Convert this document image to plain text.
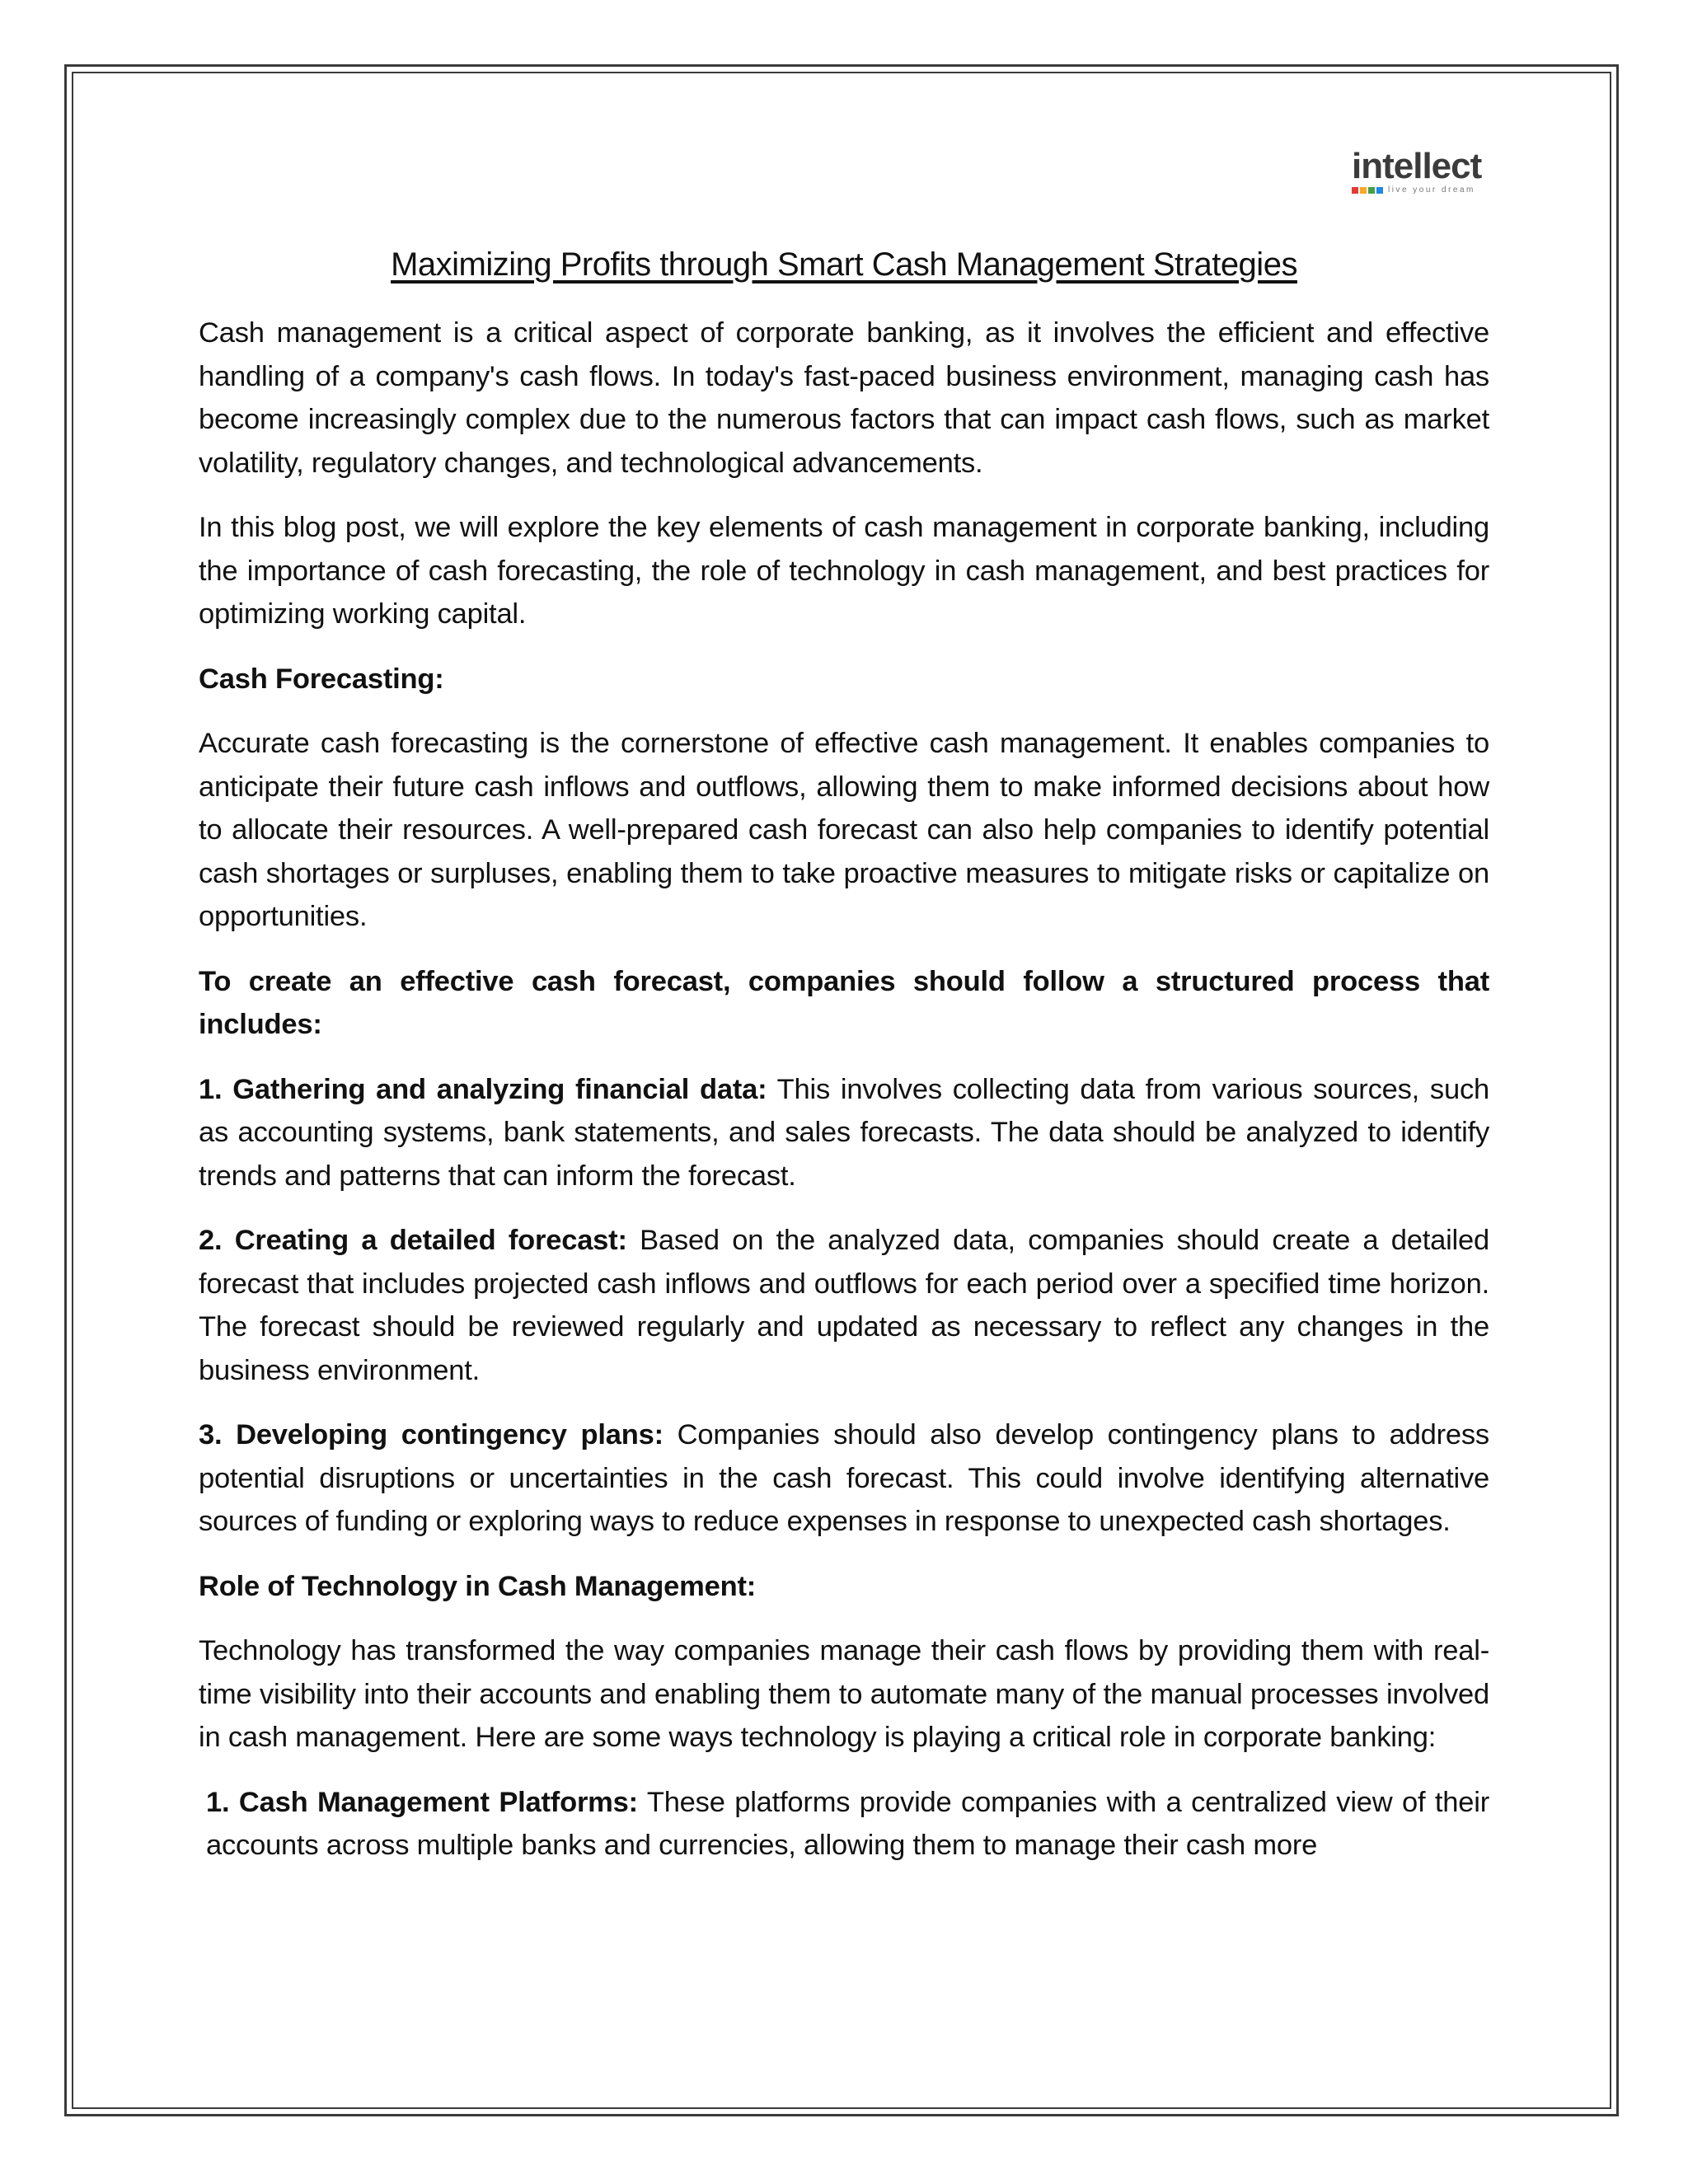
intellect
live your dream
Maximizing Profits through Smart Cash Management Strategies

Cash management is a critical aspect of corporate banking, as it involves the efficient and effective handling of a company's cash flows. In today's fast-paced business environment, managing cash has become increasingly complex due to the numerous factors that can impact cash flows, such as market volatility, regulatory changes, and technological advancements.

In this blog post, we will explore the key elements of cash management in corporate banking, including the importance of cash forecasting, the role of technology in cash management, and best practices for optimizing working capital.

Cash Forecasting:

Accurate cash forecasting is the cornerstone of effective cash management. It enables companies to anticipate their future cash inflows and outflows, allowing them to make informed decisions about how to allocate their resources. A well-prepared cash forecast can also help companies to identify potential cash shortages or surpluses, enabling them to take proactive measures to mitigate risks or capitalize on opportunities.

To create an effective cash forecast, companies should follow a structured process that includes:

1. Gathering and analyzing financial data: This involves collecting data from various sources, such as accounting systems, bank statements, and sales forecasts. The data should be analyzed to identify trends and patterns that can inform the forecast.

2. Creating a detailed forecast: Based on the analyzed data, companies should create a detailed forecast that includes projected cash inflows and outflows for each period over a specified time horizon. The forecast should be reviewed regularly and updated as necessary to reflect any changes in the business environment.

3. Developing contingency plans: Companies should also develop contingency plans to address potential disruptions or uncertainties in the cash forecast. This could involve identifying alternative sources of funding or exploring ways to reduce expenses in response to unexpected cash shortages.

Role of Technology in Cash Management:

Technology has transformed the way companies manage their cash flows by providing them with real-time visibility into their accounts and enabling them to automate many of the manual processes involved in cash management. Here are some ways technology is playing a critical role in corporate banking:

1. Cash Management Platforms: These platforms provide companies with a centralized view of their accounts across multiple banks and currencies, allowing them to manage their cash more
